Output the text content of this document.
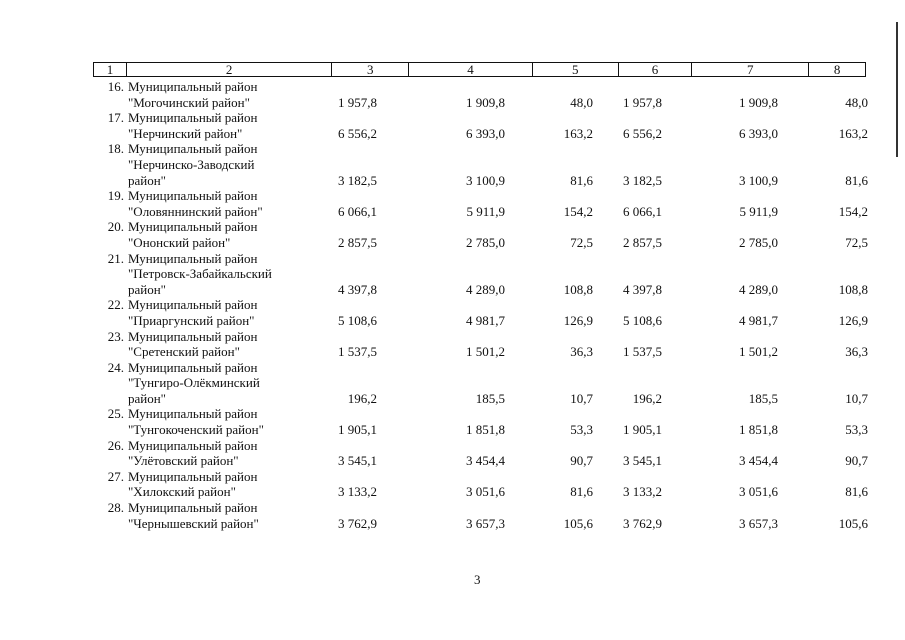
1	2	3	4	5	6	7	8
16. Муниципальный район
"Могочинский район"	1 957,8	1 909,8	48,0	1 957,8	1 909,8	48,0
17. Муниципальный район
"Нерчинский район"	6 556,2	6 393,0	163,2	6 556,2	6 393,0	163,2
18. Муниципальный район
"Нерчинско-Заводский
район"	3 182,5	3 100,9	81,6	3 182,5	3 100,9	81,6
19. Муниципальный район
"Оловяннинский район"	6 066,1	5 911,9	154,2	6 066,1	5 911,9	154,2
20. Муниципальный район
"Ононский район"	2 857,5	2 785,0	72,5	2 857,5	2 785,0	72,5
21. Муниципальный район
"Петровск-Забайкальский
район"	4 397,8	4 289,0	108,8	4 397,8	4 289,0	108,8
22. Муниципальный район
"Приаргунский район"	5 108,6	4 981,7	126,9	5 108,6	4 981,7	126,9
23. Муниципальный район
"Сретенский район"	1 537,5	1 501,2	36,3	1 537,5	1 501,2	36,3
24. Муниципальный район
"Тунгиро-Олёкминский
район"	196,2	185,5	10,7	196,2	185,5	10,7
25. Муниципальный район
"Тунгокоченский район"	1 905,1	1 851,8	53,3	1 905,1	1 851,8	53,3
26. Муниципальный район
"Улётовский район"	3 545,1	3 454,4	90,7	3 545,1	3 454,4	90,7
27. Муниципальный район
"Хилокский район"	3 133,2	3 051,6	81,6	3 133,2	3 051,6	81,6
28. Муниципальный район
"Чернышевский район"	3 762,9	3 657,3	105,6	3 762,9	3 657,3	105,6
3
